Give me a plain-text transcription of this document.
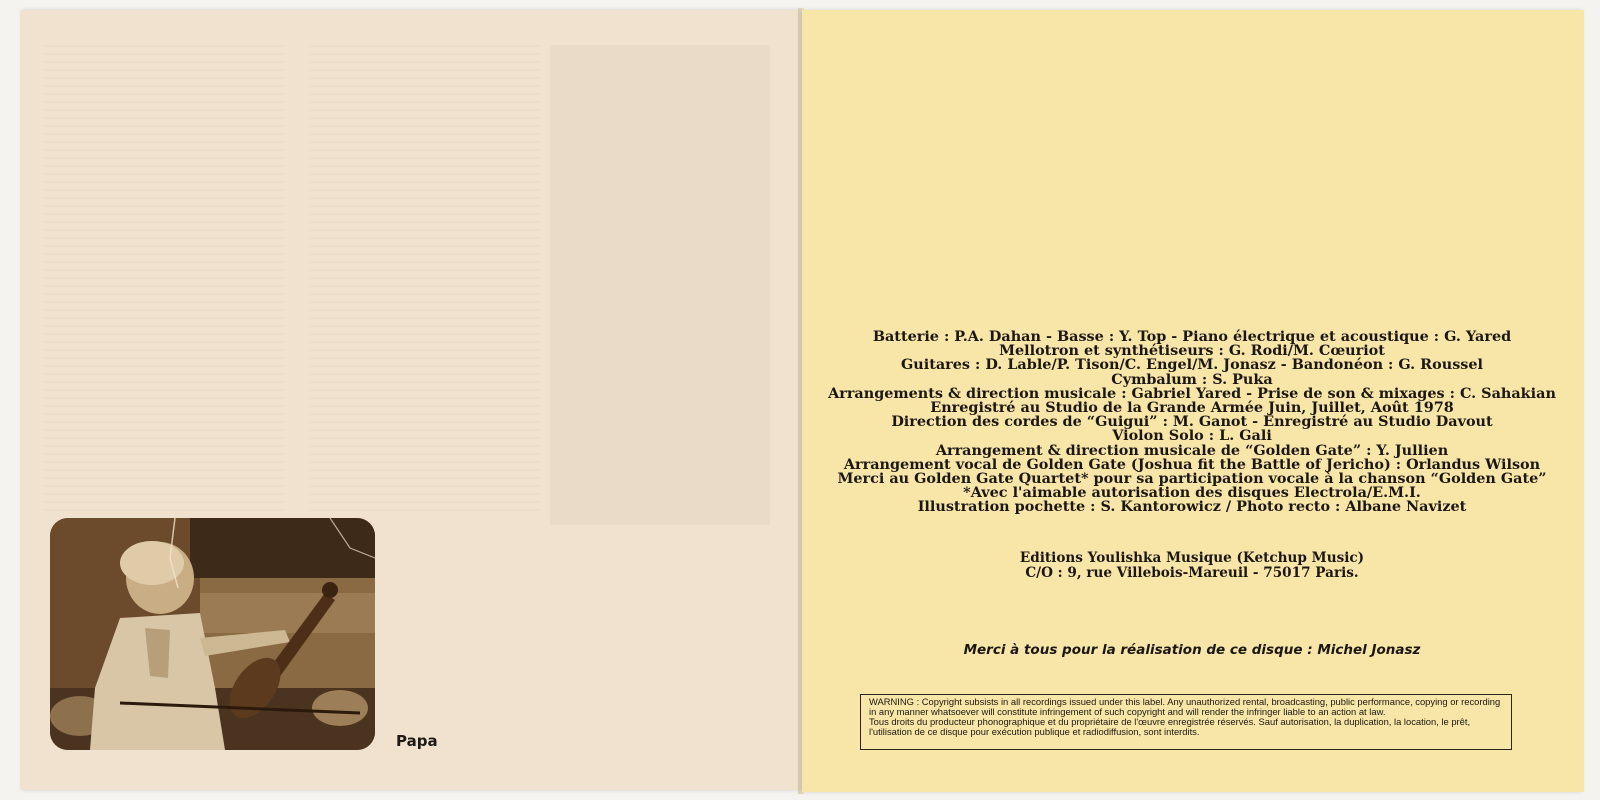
Papa
Batterie : P.A. Dahan - Basse : Y. Top - Piano électrique et acoustique : G. Yared
Mellotron et synthétiseurs : G. Rodi/M. Cœuriot
Guitares : D. Lable/P. Tison/C. Engel/M. Jonasz - Bandonéon : G. Roussel
Cymbalum : S. Puka
Arrangements & direction musicale : Gabriel Yared - Prise de son & mixages : C. Sahakian
Enregistré au Studio de la Grande Armée Juin, Juillet, Août 1978
Direction des cordes de “Guigui” : M. Ganot - Enregistré au Studio Davout
Violon Solo : L. Gali
Arrangement & direction musicale de “Golden Gate” : Y. Jullien
Arrangement vocal de Golden Gate (Joshua fit the Battle of Jericho) : Orlandus Wilson
Merci au Golden Gate Quartet* pour sa participation vocale à la chanson “Golden Gate”
*Avec l'aimable autorisation des disques Electrola/E.M.I.
Illustration pochette : S. Kantorowicz / Photo recto : Albane Navizet
Editions Youlishka Musique (Ketchup Music)
C/O : 9, rue Villebois-Mareuil - 75017 Paris.
Merci à tous pour la réalisation de ce disque : Michel Jonasz

WARNING : Copyright subsists in all recordings issued under this label. Any unauthorized rental, broadcasting, public performance, copying or recording in any manner whatsoever will constitute infringement of such copyright and will render the infringer liable to an action at law.

Tous droits du producteur phonographique et du propriétaire de l'œuvre enregistrée réservés. Sauf autorisation, la duplication, la location, le prêt, l'utilisation de ce disque pour exécution publique et radiodiffusion, sont interdits.
